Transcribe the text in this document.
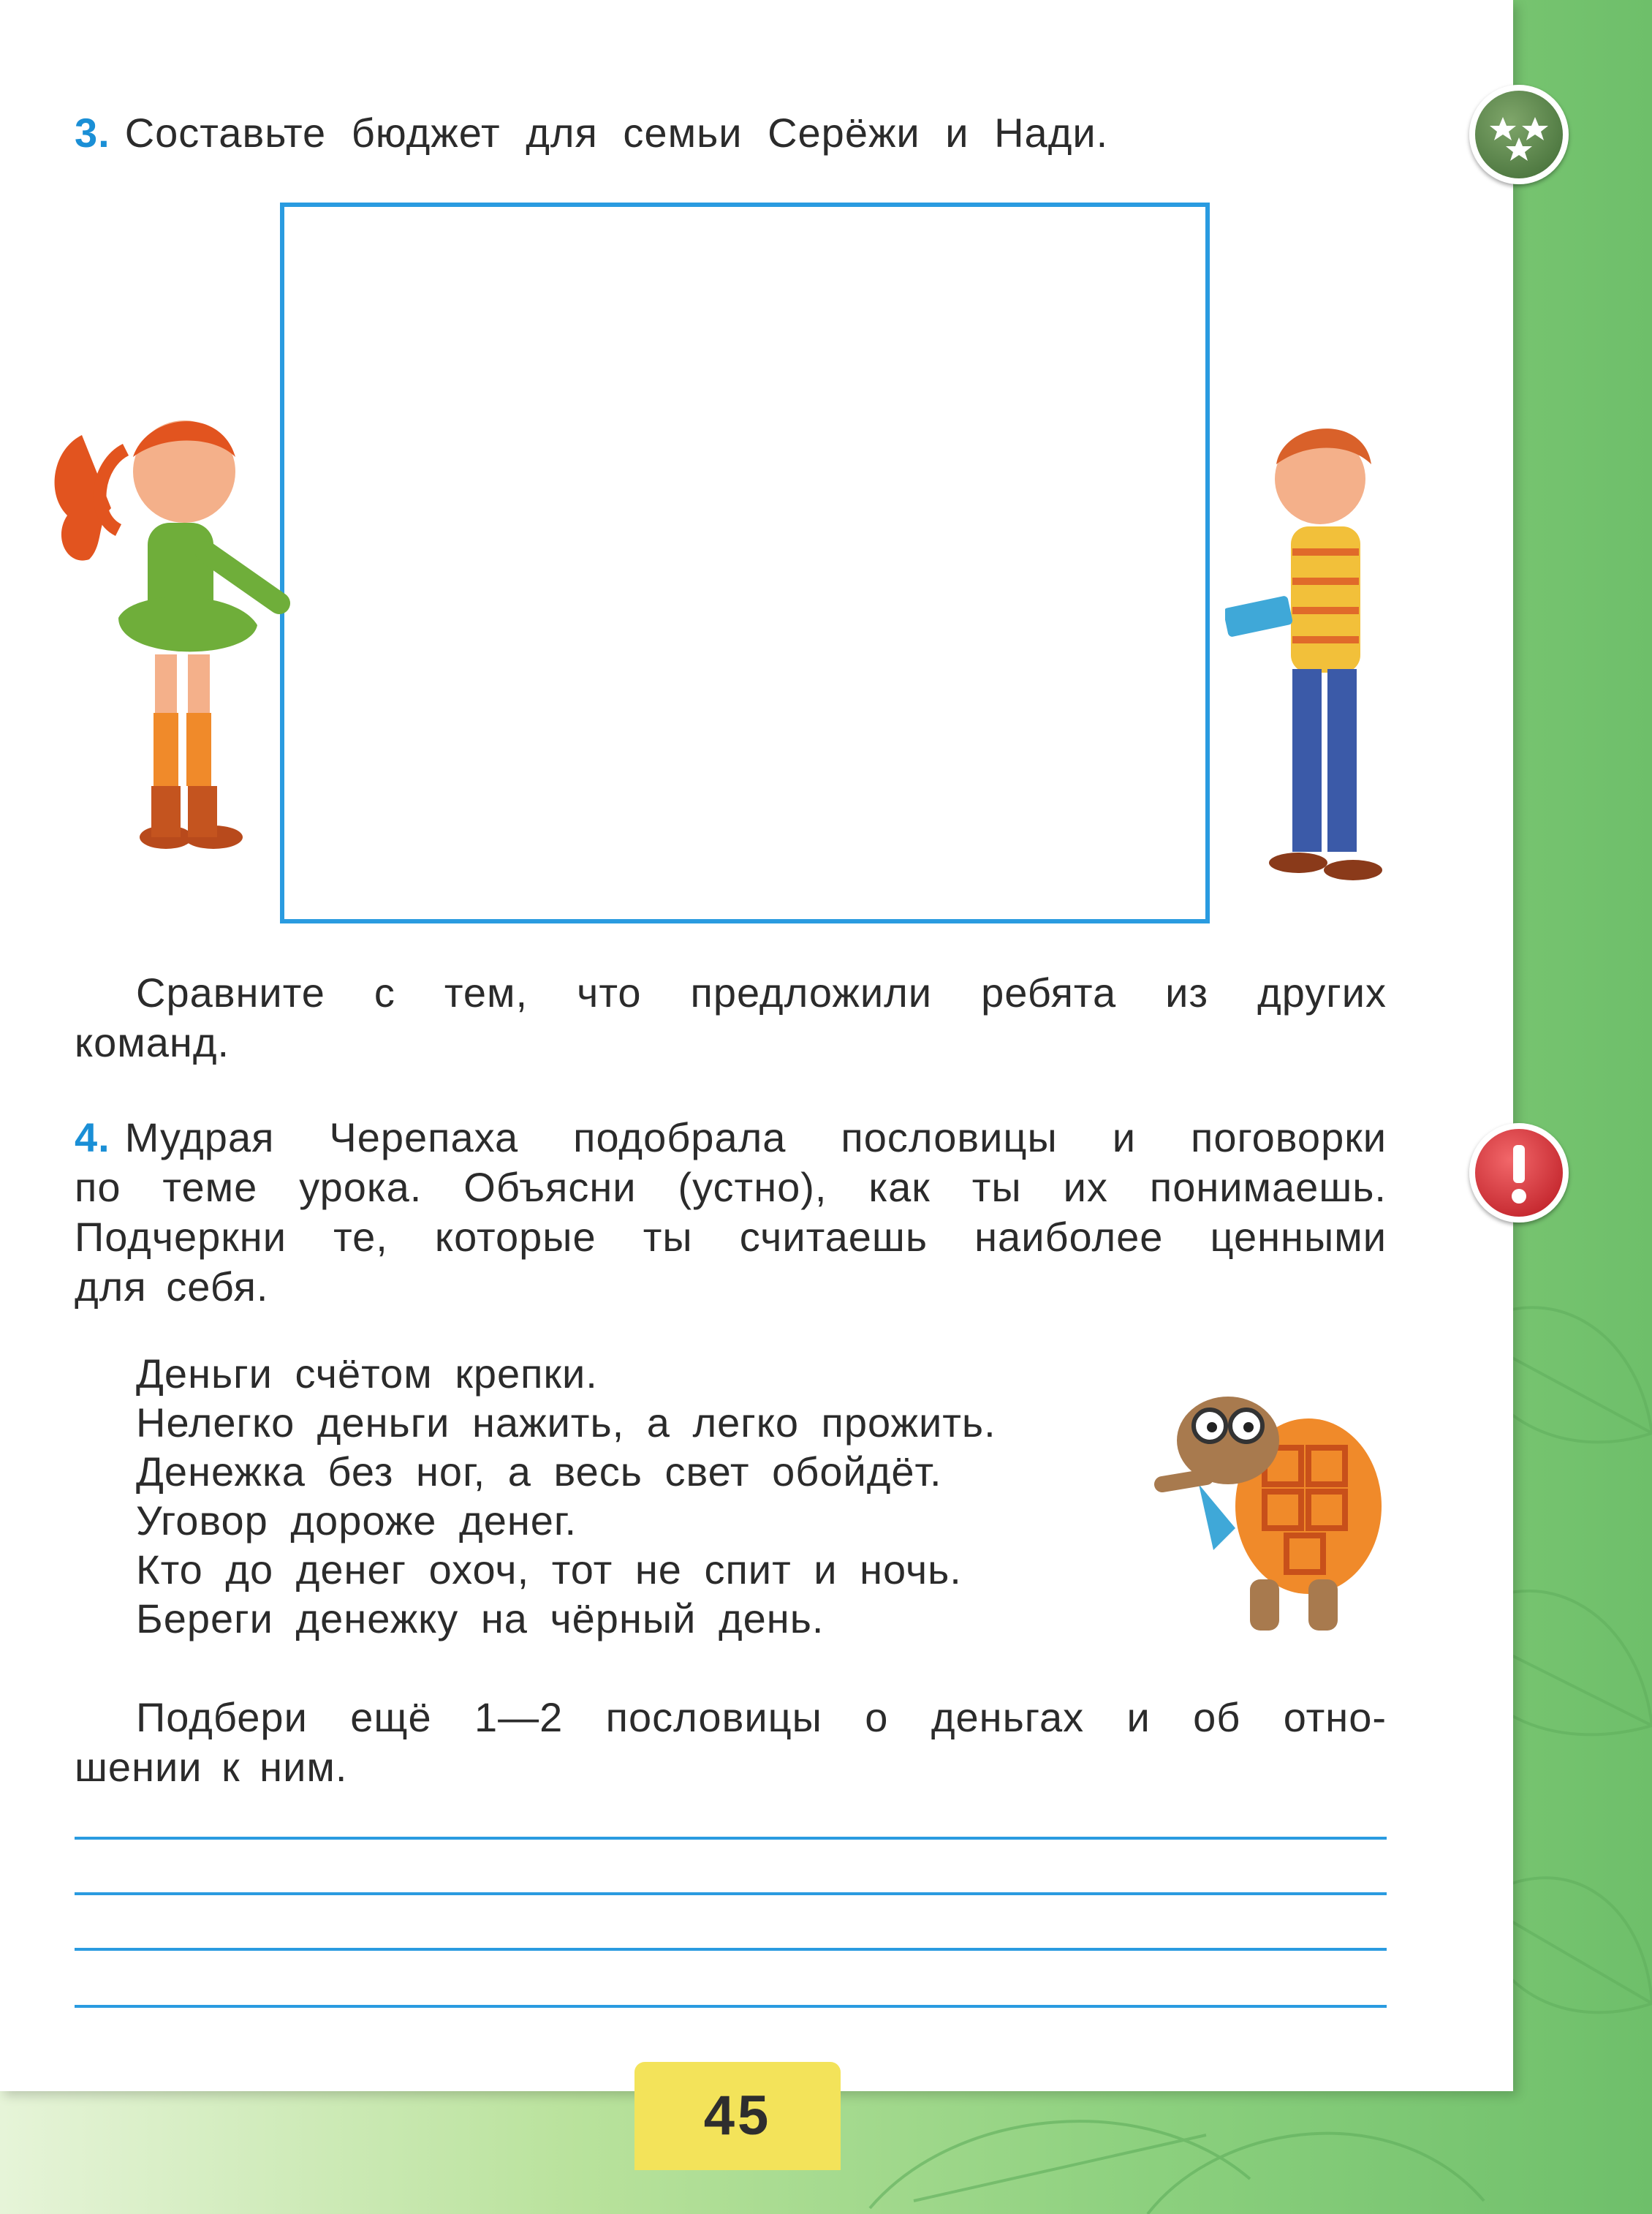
3. Составьте бюджет для семьи Серёжи и Нади.
Сравните с тем, что предложили ребята из других
команд.
4. Мудрая Черепаха подобрала пословицы и поговорки
по теме урока. Объясни (устно), как ты их понимаешь.
Подчеркни те, которые ты считаешь наиболее ценными
для себя.
Деньги счётом крепки.
Нелегко деньги нажить, а легко прожить.
Денежка без ног, а весь свет обойдёт.
Уговор дороже денег.
Кто до денег охоч, тот не спит и ночь.
Береги денежку на чёрный день.
Подбери ещё 1—2 пословицы о деньгах и об отно-
шении к ним.
45
